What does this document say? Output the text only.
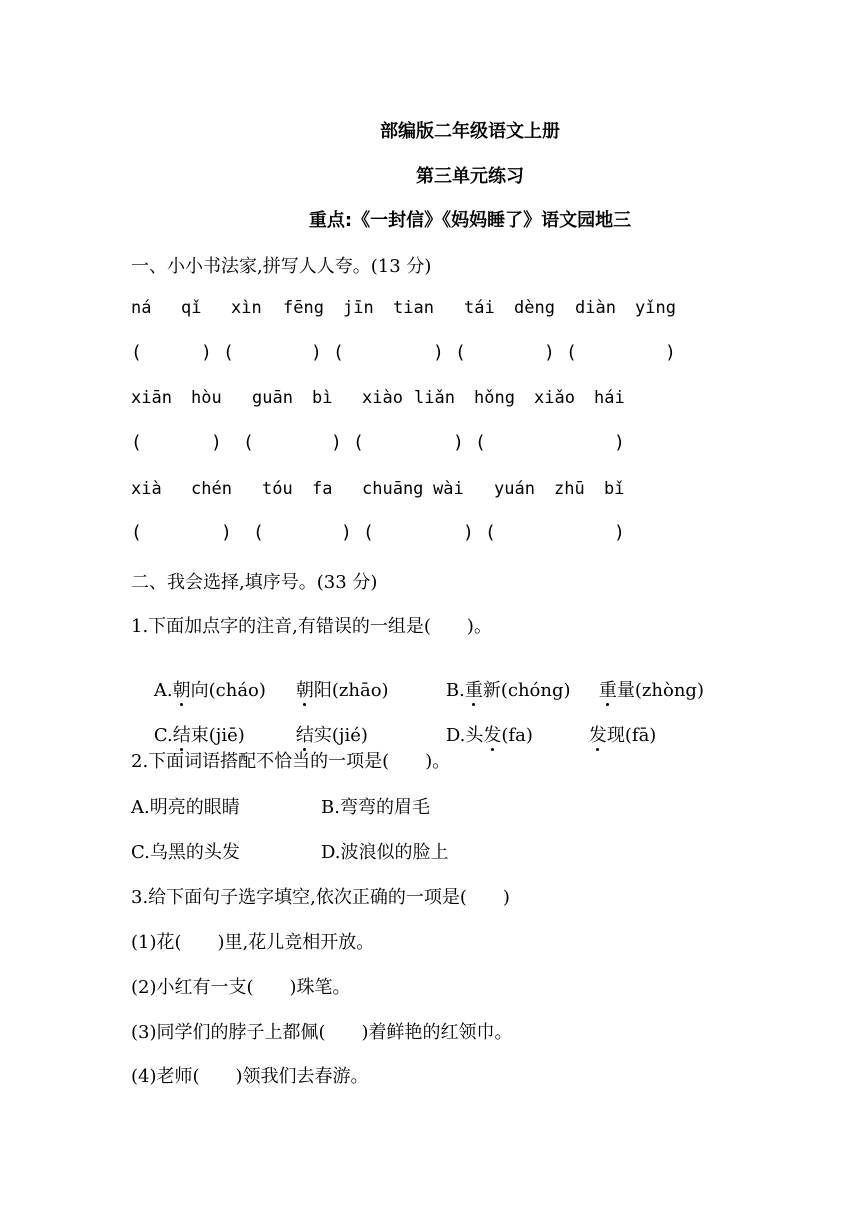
部编版二年级语文上册
第三单元练习
重点:《一封信》《妈妈睡了》语文园地三
一、小小书法家,拼写人人夸。(13 分)
ná qǐ xìn fēng jīn tian tái dèng diàn yǐng
(	) (	) (	) (	) (	)
xiān hòu guān bì xiào liǎn hǒng xiǎo hái
(	) (	) (	) (	)
xià chén tóu fa chuāng wài yuán zhū bǐ
(	) (	) (	) (	)
二、我会选择,填序号。(33 分)
1.下面加点字的注音,有错误的一组是(　　)。

A.朝向(cháo)
	朝阳(zhāo)
	B.重新(chóng)
	重量(zhòng)

C.结束(jiē)
	结实(jié)
	D.头发(fa)
	发现(fā)

2.下面词语搭配不恰当的一项是(　　)。
A.明亮的眼睛	B.弯弯的眉毛
C.乌黑的头发	D.波浪似的脸上
3.给下面句子选字填空,依次正确的一项是(　　)
(1)花(　　)里,花儿竞相开放。
(2)小红有一支(　　)珠笔。
(3)同学们的脖子上都佩(　　)着鲜艳的红领巾。
(4)老师(　　)领我们去春游。
